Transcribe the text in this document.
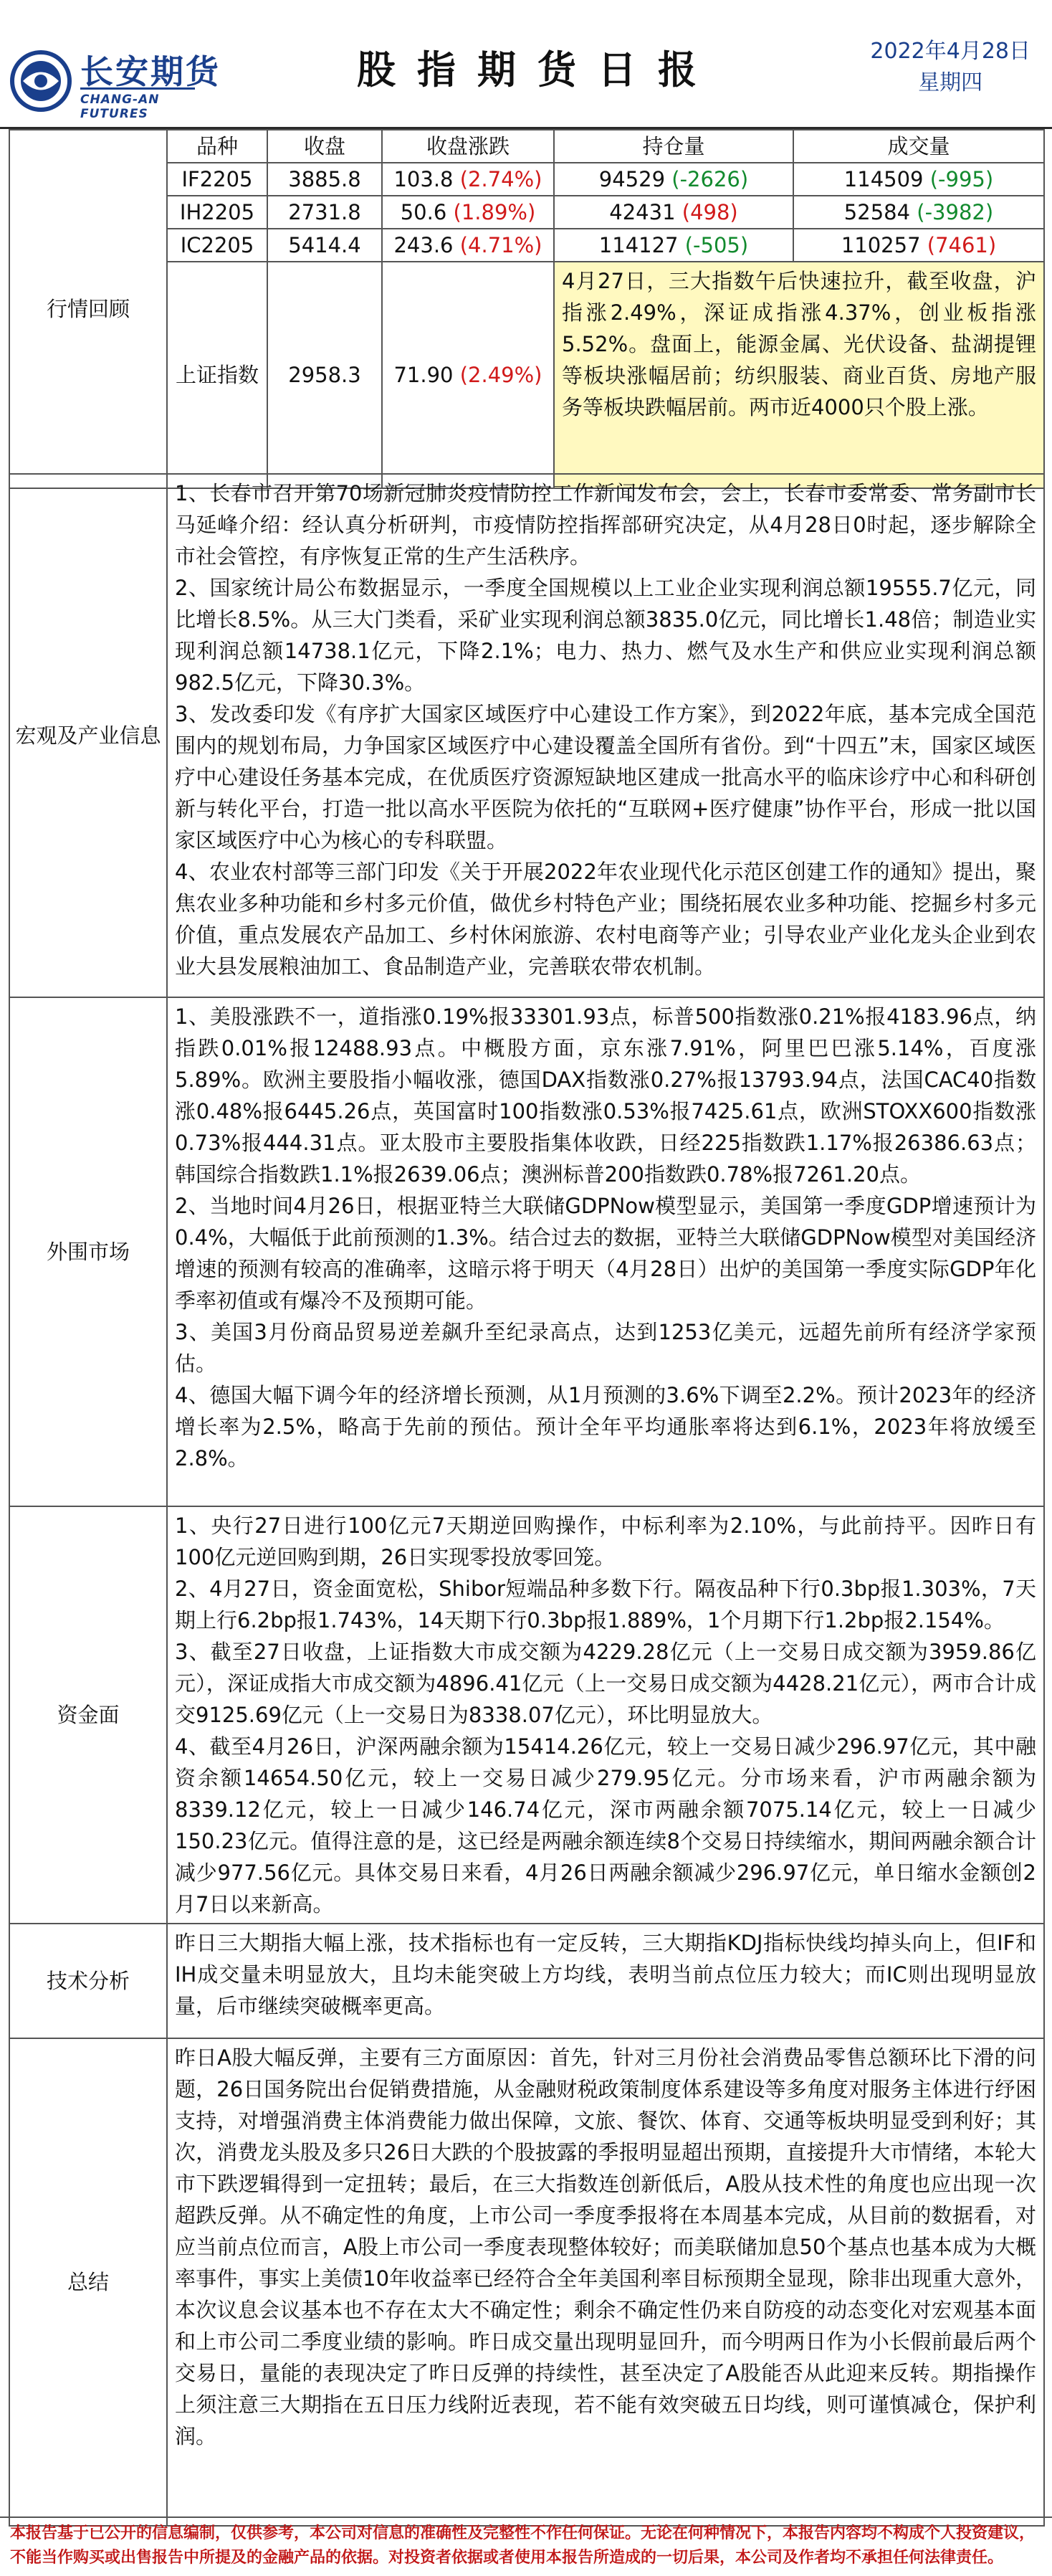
长安期货
CHANG-AN FUTURES
股指期货日报	2022年4月28日
星期四
行情回顾	品种	收盘	收盘涨跌	持仓量	成交量
	IF2205	3885.8	103.8 (2.74%)	94529 (-2626)	114509 (-995)
	IH2205	2731.8	50.6 (1.89%)	42431 (498)	52584 (-3982)
	IC2205	5414.4	243.6 (4.71%)	114127 (-505)	110257 (7461)
	上证指数	2958.3	71.90 (2.49%)	4月27日，三大指数午后快速拉升，截至收盘，沪指涨2.49%，深证成指涨4.37%，创业板指涨5.52%。盘面上，能源金属、光伏设备、盐湖提锂等板块涨幅居前；纺织服装、商业百货、房地产服务等板块跌幅居前。两市近4000只个股上涨。	

宏观及产业信息	1、长春市召开第70场新冠肺炎疫情防控工作新闻发布会，会上，长春市委常委、常务副市长马延峰介绍：经认真分析研判，市疫情防控指挥部研究决定，从4月28日0时起，逐步解除全市社会管控，有序恢复正常的生产生活秩序。

2、国家统计局公布数据显示，一季度全国规模以上工业企业实现利润总额19555.7亿元，同比增长8.5%。从三大门类看，采矿业实现利润总额3835.0亿元，同比增长1.48倍；制造业实现利润总额14738.1亿元，下降2.1%；电力、热力、燃气及水生产和供应业实现利润总额982.5亿元，下降30.3%。

3、发改委印发《有序扩大国家区域医疗中心建设工作方案》，到2022年底，基本完成全国范围内的规划布局，力争国家区域医疗中心建设覆盖全国所有省份。到“十四五”末，国家区域医疗中心建设任务基本完成，在优质医疗资源短缺地区建成一批高水平的临床诊疗中心和科研创新与转化平台，打造一批以高水平医院为依托的“互联网+医疗健康”协作平台，形成一批以国家区域医疗中心为核心的专科联盟。

4、农业农村部等三部门印发《关于开展2022年农业现代化示范区创建工作的通知》提出，聚焦农业多种功能和乡村多元价值，做优乡村特色产业；围绕拓展农业多种功能、挖掘乡村多元价值，重点发展农产品加工、乡村休闲旅游、农村电商等产业；引导农业产业化龙头企业到农业大县发展粮油加工、食品制造产业，完善联农带农机制。

外围市场	1、美股涨跌不一，道指涨0.19%报33301.93点，标普500指数涨0.21%报4183.96点，纳指跌0.01%报12488.93点。中概股方面，京东涨7.91%，阿里巴巴涨5.14%，百度涨5.89%。欧洲主要股指小幅收涨，德国DAX指数涨0.27%报13793.94点，法国CAC40指数涨0.48%报6445.26点，英国富时100指数涨0.53%报7425.61点，欧洲STOXX600指数涨0.73%报444.31点。亚太股市主要股指集体收跌，日经225指数跌1.17%报26386.63点；韩国综合指数跌1.1%报2639.06点；澳洲标普200指数跌0.78%报7261.20点。

2、当地时间4月26日，根据亚特兰大联储GDPNow模型显示，美国第一季度GDP增速预计为0.4%，大幅低于此前预测的1.3%。结合过去的数据，亚特兰大联储GDPNow模型对美国经济增速的预测有较高的准确率，这暗示将于明天（4月28日）出炉的美国第一季度实际GDP年化季率初值或有爆冷不及预期可能。

3、美国3月份商品贸易逆差飙升至纪录高点，达到1253亿美元，远超先前所有经济学家预估。

4、德国大幅下调今年的经济增长预测，从1月预测的3.6%下调至2.2%。预计2023年的经济增长率为2.5%，略高于先前的预估。预计全年平均通胀率将达到6.1%，2023年将放缓至2.8%。

资金面	1、央行27日进行100亿元7天期逆回购操作，中标利率为2.10%，与此前持平。因昨日有100亿元逆回购到期，26日实现零投放零回笼。

2、4月27日，资金面宽松，Shibor短端品种多数下行。隔夜品种下行0.3bp报1.303%，7天期上行6.2bp报1.743%，14天期下行0.3bp报1.889%，1个月期下行1.2bp报2.154%。

3、截至27日收盘，上证指数大市成交额为4229.28亿元（上一交易日成交额为3959.86亿元），深证成指大市成交额为4896.41亿元（上一交易日成交额为4428.21亿元），两市合计成交9125.69亿元（上一交易日为8338.07亿元），环比明显放大。

4、截至4月26日，沪深两融余额为15414.26亿元，较上一交易日减少296.97亿元，其中融资余额14654.50亿元，较上一交易日减少279.95亿元。分市场来看，沪市两融余额为8339.12亿元，较上一日减少146.74亿元，深市两融余额7075.14亿元，较上一日减少150.23亿元。值得注意的是，这已经是两融余额连续8个交易日持续缩水，期间两融余额合计减少977.56亿元。具体交易日来看，4月26日两融余额减少296.97亿元，单日缩水金额创2月7日以来新高。

技术分析	昨日三大期指大幅上涨，技术指标也有一定反转，三大期指KDJ指标快线均掉头向上，但IF和IH成交量未明显放大，且均未能突破上方均线，表明当前点位压力较大；而IC则出现明显放量，后市继续突破概率更高。

总结	昨日A股大幅反弹，主要有三方面原因：首先，针对三月份社会消费品零售总额环比下滑的问题，26日国务院出台促销费措施，从金融财税政策制度体系建设等多角度对服务主体进行纾困支持，对增强消费主体消费能力做出保障，文旅、餐饮、体育、交通等板块明显受到利好；其次，消费龙头股及多只26日大跌的个股披露的季报明显超出预期，直接提升大市情绪，本轮大市下跌逻辑得到一定扭转；最后，在三大指数连创新低后，A股从技术性的角度也应出现一次超跌反弹。从不确定性的角度，上市公司一季度季报将在本周基本完成，从目前的数据看，对应当前点位而言，A股上市公司一季度表现整体较好；而美联储加息50个基点也基本成为大概率事件，事实上美债10年收益率已经符合全年美国利率目标预期全显现，除非出现重大意外，本次议息会议基本也不存在太大不确定性；剩余不确定性仍来自防疫的动态变化对宏观基本面和上市公司二季度业绩的影响。昨日成交量出现明显回升，而今明两日作为小长假前最后两个交易日，量能的表现决定了昨日反弹的持续性，甚至决定了A股能否从此迎来反转。期指操作上须注意三大期指在五日压力线附近表现，若不能有效突破五日均线，则可谨慎减仓，保护利润。

本报告基于已公开的信息编制，仅供参考，本公司对信息的准确性及完整性不作任何保证。无论在何种情况下，本报告内容均不构成个人投资建议，不能当作购买或出售报告中所提及的金融产品的依据。对投资者依据或者使用本报告所造成的一切后果，本公司及作者均不承担任何法律责任。
